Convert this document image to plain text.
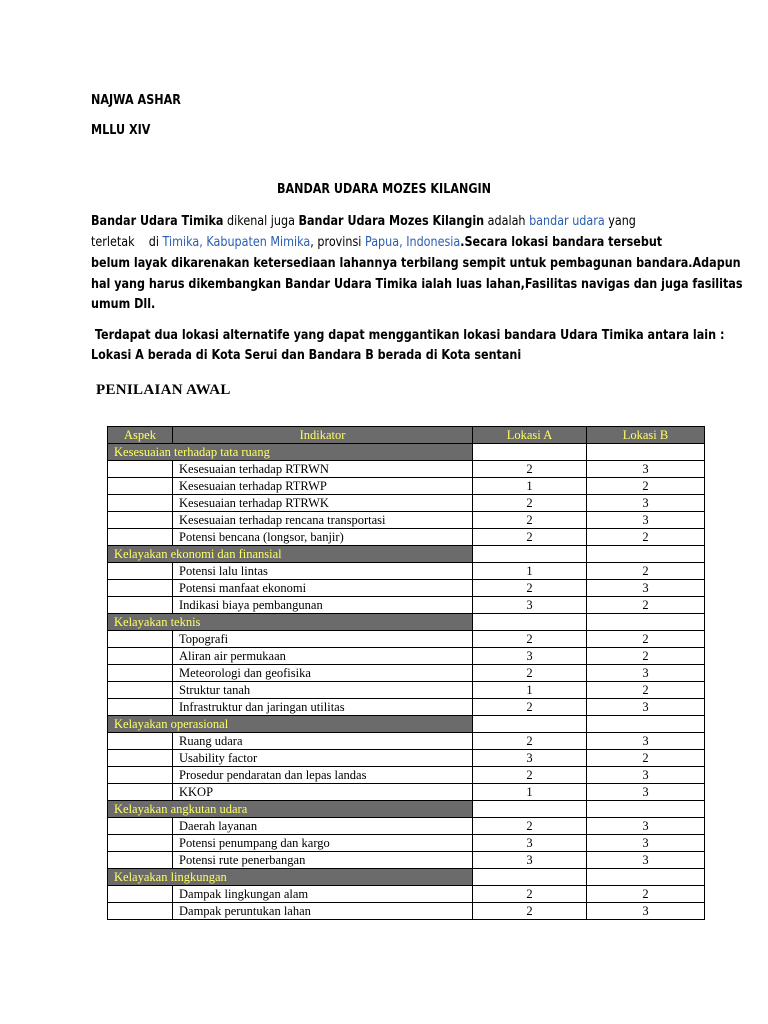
NAJWA ASHAR
MLLU XIV
BANDAR UDARA MOZES KILANGIN
Bandar Udara Timika dikenal juga Bandar Udara Mozes Kilangin adalah bandar udara yang
terletak    di Timika, Kabupaten Mimika, provinsi Papua, Indonesia.Secara lokasi bandara tersebut
belum layak dikarenakan ketersediaan lahannya terbilang sempit untuk pembagunan bandara.Adapun
hal yang harus dikembangkan Bandar Udara Timika ialah luas lahan,Fasilitas navigas dan juga fasilitas
umum Dll.
Terdapat dua lokasi alternatife yang dapat menggantikan lokasi bandara Udara Timika antara lain :
Lokasi A berada di Kota Serui dan Bandara B berada di Kota sentani
PENILAIAN AWAL
Aspek	Indikator	Lokasi A	Lokasi B
Kesesuaian terhadap tata ruang			
	Kesesuaian terhadap RTRWN	2	3
	Kesesuaian terhadap RTRWP	1	2
	Kesesuaian terhadap RTRWK	2	3
	Kesesuaian terhadap rencana transportasi	2	3
	Potensi bencana (longsor, banjir)	2	2
Kelayakan ekonomi dan finansial			
	Potensi lalu lintas	1	2
	Potensi manfaat ekonomi	2	3
	Indikasi biaya pembangunan	3	2
Kelayakan teknis			
	Topografi	2	2
	Aliran air permukaan	3	2
	Meteorologi dan geofisika	2	3
	Struktur tanah	1	2
	Infrastruktur dan jaringan utilitas	2	3
Kelayakan operasional			
	Ruang udara	2	3
	Usability factor	3	2
	Prosedur pendaratan dan lepas landas	2	3
	KKOP	1	3
Kelayakan angkutan udara			
	Daerah layanan	2	3
	Potensi penumpang dan kargo	3	3
	Potensi rute penerbangan	3	3
Kelayakan lingkungan			
	Dampak lingkungan alam	2	2
	Dampak peruntukan lahan	2	3
